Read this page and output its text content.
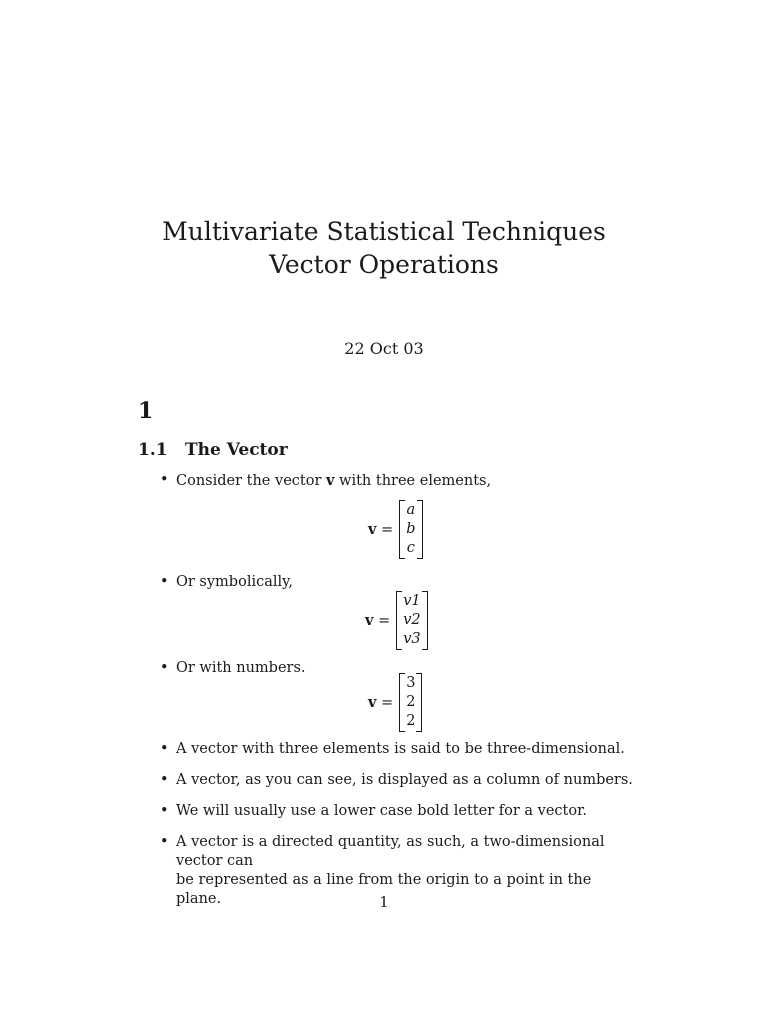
Multivariate Statistical Techniques
Vector Operations
22 Oct 03
1
1.1 The Vector
• Consider the vector v with three elements,
v =
a
b
c
• Or symbolically,
v =
v1
v2
v3
• Or with numbers.
v =
3
2
2
• A vector with three elements is said to be three-dimensional.
• A vector, as you can see, is displayed as a column of numbers.
• We will usually use a lower case bold letter for a vector.
• A vector is a directed quantity, as such, a two-dimensional vector can
be represented as a line from the origin to a point in the plane.	1
